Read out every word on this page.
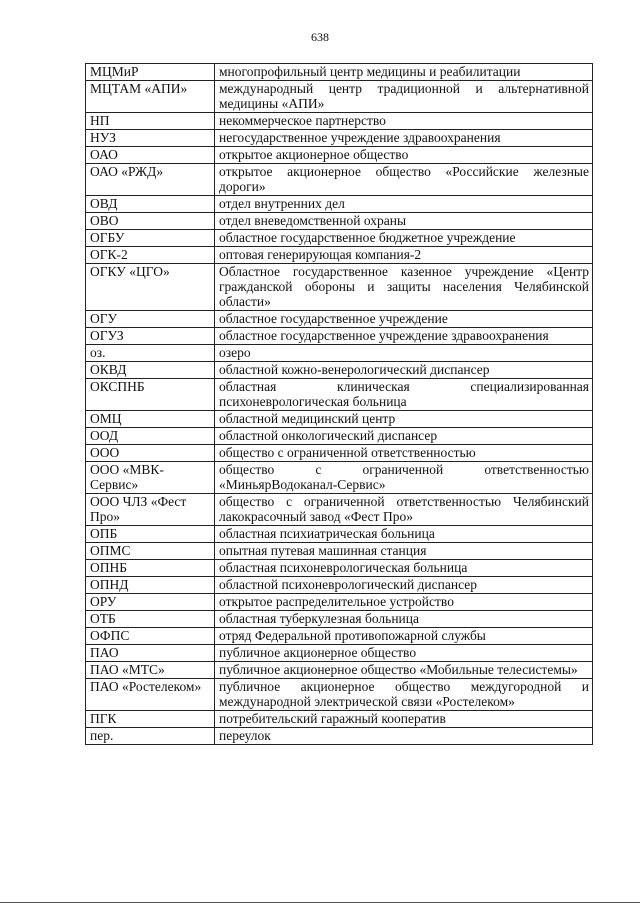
638
МЦМиР	многопрофильный центр медицины и реабилитации
МЦТАМ «АПИ»	международный центр традиционной и альтернативной медицины «АПИ»
НП	некоммерческое партнерство
НУЗ	негосударственное учреждение здравоохранения
ОАО	открытое акционерное общество
ОАО «РЖД»	открытое акционерное общество «Российские железные дороги»
ОВД	отдел внутренних дел
ОВО	отдел вневедомственной охраны
ОГБУ	областное государственное бюджетное учреждение
ОГК-2	оптовая генерирующая компания-2
ОГКУ «ЦГО»	Областное государственное казенное учреждение «Центр гражданской обороны и защиты населения Челябинской области»
ОГУ	областное государственное учреждение
ОГУЗ	областное государственное учреждение здравоохранения
оз.	озеро
ОКВД	областной кожно-венерологический диспансер
ОКСПНБ	областная клиническая специализированная психоневрологическая больница
ОМЦ	областной медицинский центр
ООД	областной онкологический диспансер
ООО	общество с ограниченной ответственностью
ООО «МВК-Сервис»	общество с ограниченной ответственностью «МиньярВодоканал-Сервис»
ООО ЧЛЗ «Фест Про»	общество с ограниченной ответственностью Челябинский лакокрасочный завод «Фест Про»
ОПБ	областная психиатрическая больница
ОПМС	опытная путевая машинная станция
ОПНБ	областная психоневрологическая больница
ОПНД	областной психоневрологический диспансер
ОРУ	открытое распределительное устройство
ОТБ	областная туберкулезная больница
ОФПС	отряд Федеральной противопожарной службы
ПАО	публичное акционерное общество
ПАО «МТС»	публичное акционерное общество «Мобильные телесистемы»
ПАО «Ростелеком»	публичное акционерное общество междугородной и международной электрической связи «Ростелеком»
ПГК	потребительский гаражный кооператив
пер.	переулок
